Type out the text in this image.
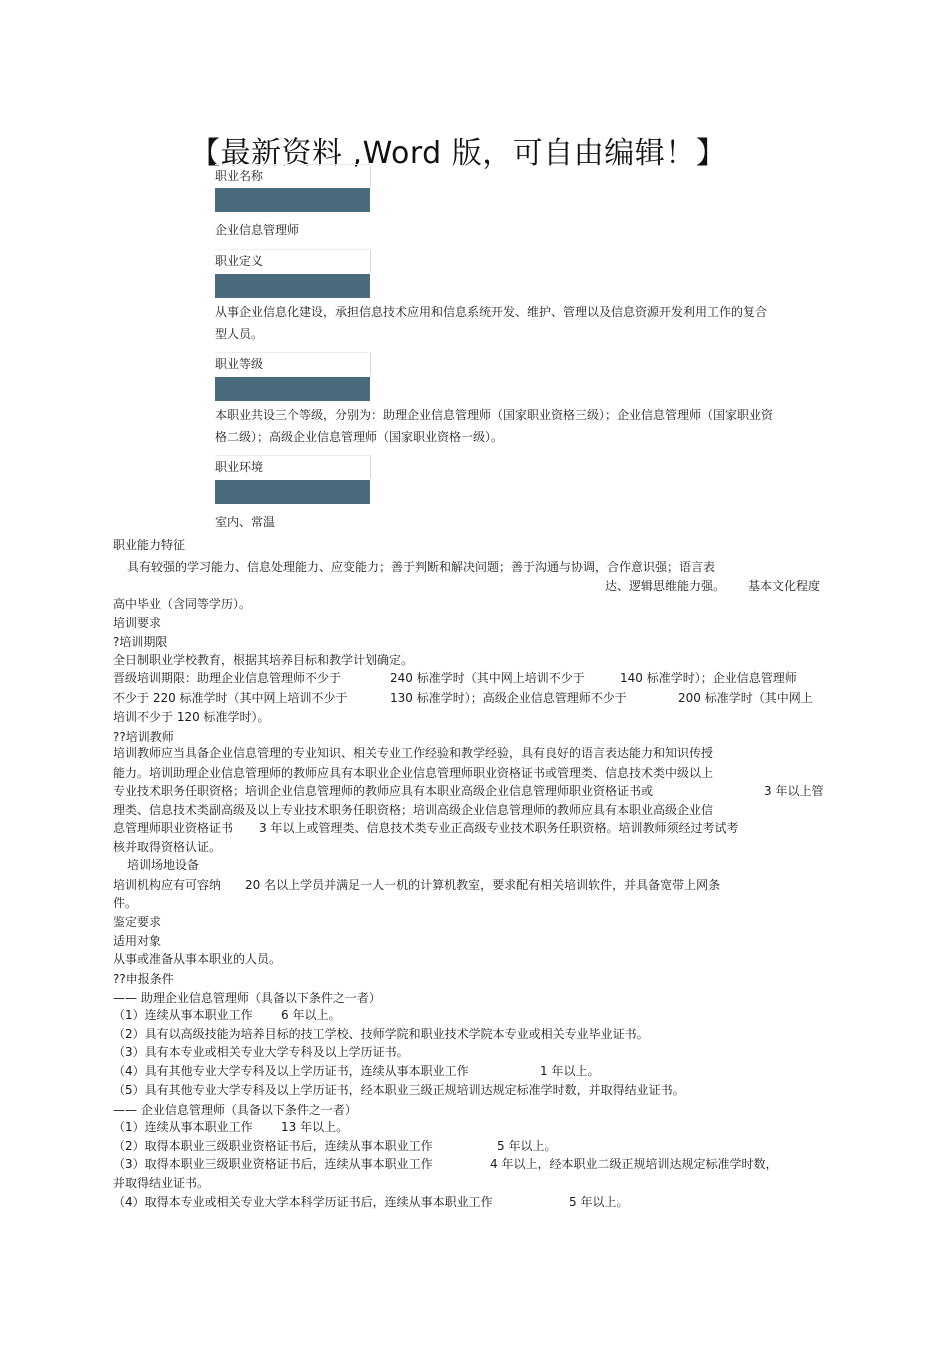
【最新资料 ,Word 版，可自由编辑！】
职业名称
企业信息管理师
职业定义
从事企业信息化建设，承担信息技术应用和信息系统开发、维护、管理以及信息资源开发利用工作的复合型人员。
职业等级
本职业共设三个等级，分别为：助理企业信息管理师（国家职业资格三级）；企业信息管理师（国家职业资格二级）；高级企业信息管理师（国家职业资格一级）。
职业环境
室内、常温
职业能力特征
具有较强的学习能力、信息处理能力、应变能力；善于判断和解决问题；善于沟通与协调，合作意识强；语言表
达、逻辑思维能力强。 基本文化程度
高中毕业（含同等学历）。
培训要求
?培训期限
全日制职业学校教育，根据其培养目标和教学计划确定。
晋级培训期限：助理企业信息管理师不少于	240 标准学时（其中网上培训不少于	140 标准学时）；企业信息管理师
不少于 220 标准学时（其中网上培训不少于	130 标准学时）；高级企业信息管理师不少于	200 标准学时（其中网上
培训不少于 120 标准学时）。
??培训教师
培训教师应当具备企业信息管理的专业知识、相关专业工作经验和教学经验，具有良好的语言表达能力和知识传授
能力。培训助理企业信息管理师的教师应具有本职业企业信息管理师职业资格证书或管理类、信息技术类中级以上
专业技术职务任职资格；培训企业信息管理师的教师应具有本职业高级企业信息管理师职业资格证书或	3 年以上管
理类、信息技术类副高级及以上专业技术职务任职资格；培训高级企业信息管理师的教师应具有本职业高级企业信
息管理师职业资格证书 3 年以上或管理类、信息技术类专业正高级专业技术职务任职资格。培训教师须经过考试考
核并取得资格认证。
培训场地设备
培训机构应有可容纳 20 名以上学员并满足一人一机的计算机教室，要求配有相关培训软件，并具备宽带上网条
件。
鉴定要求
适用对象
从事或准备从事本职业的人员。
??申报条件
—— 助理企业信息管理师（具备以下条件之一者）
（1）连续从事本职业工作 6 年以上。
（2）具有以高级技能为培养目标的技工学校、技师学院和职业技术学院本专业或相关专业毕业证书。
（3）具有本专业或相关专业大学专科及以上学历证书。
（4）具有其他专业大学专科及以上学历证书，连续从事本职业工作	1 年以上。
（5）具有其他专业大学专科及以上学历证书，经本职业三级正规培训达规定标准学时数，并取得结业证书。
—— 企业信息管理师（具备以下条件之一者）
（1）连续从事本职业工作 13 年以上。
（2）取得本职业三级职业资格证书后，连续从事本职业工作	5 年以上。
（3）取得本职业三级职业资格证书后，连续从事本职业工作	4 年以上，经本职业二级正规培训达规定标准学时数，
并取得结业证书。
（4）取得本专业或相关专业大学本科学历证书后，连续从事本职业工作	5 年以上。
